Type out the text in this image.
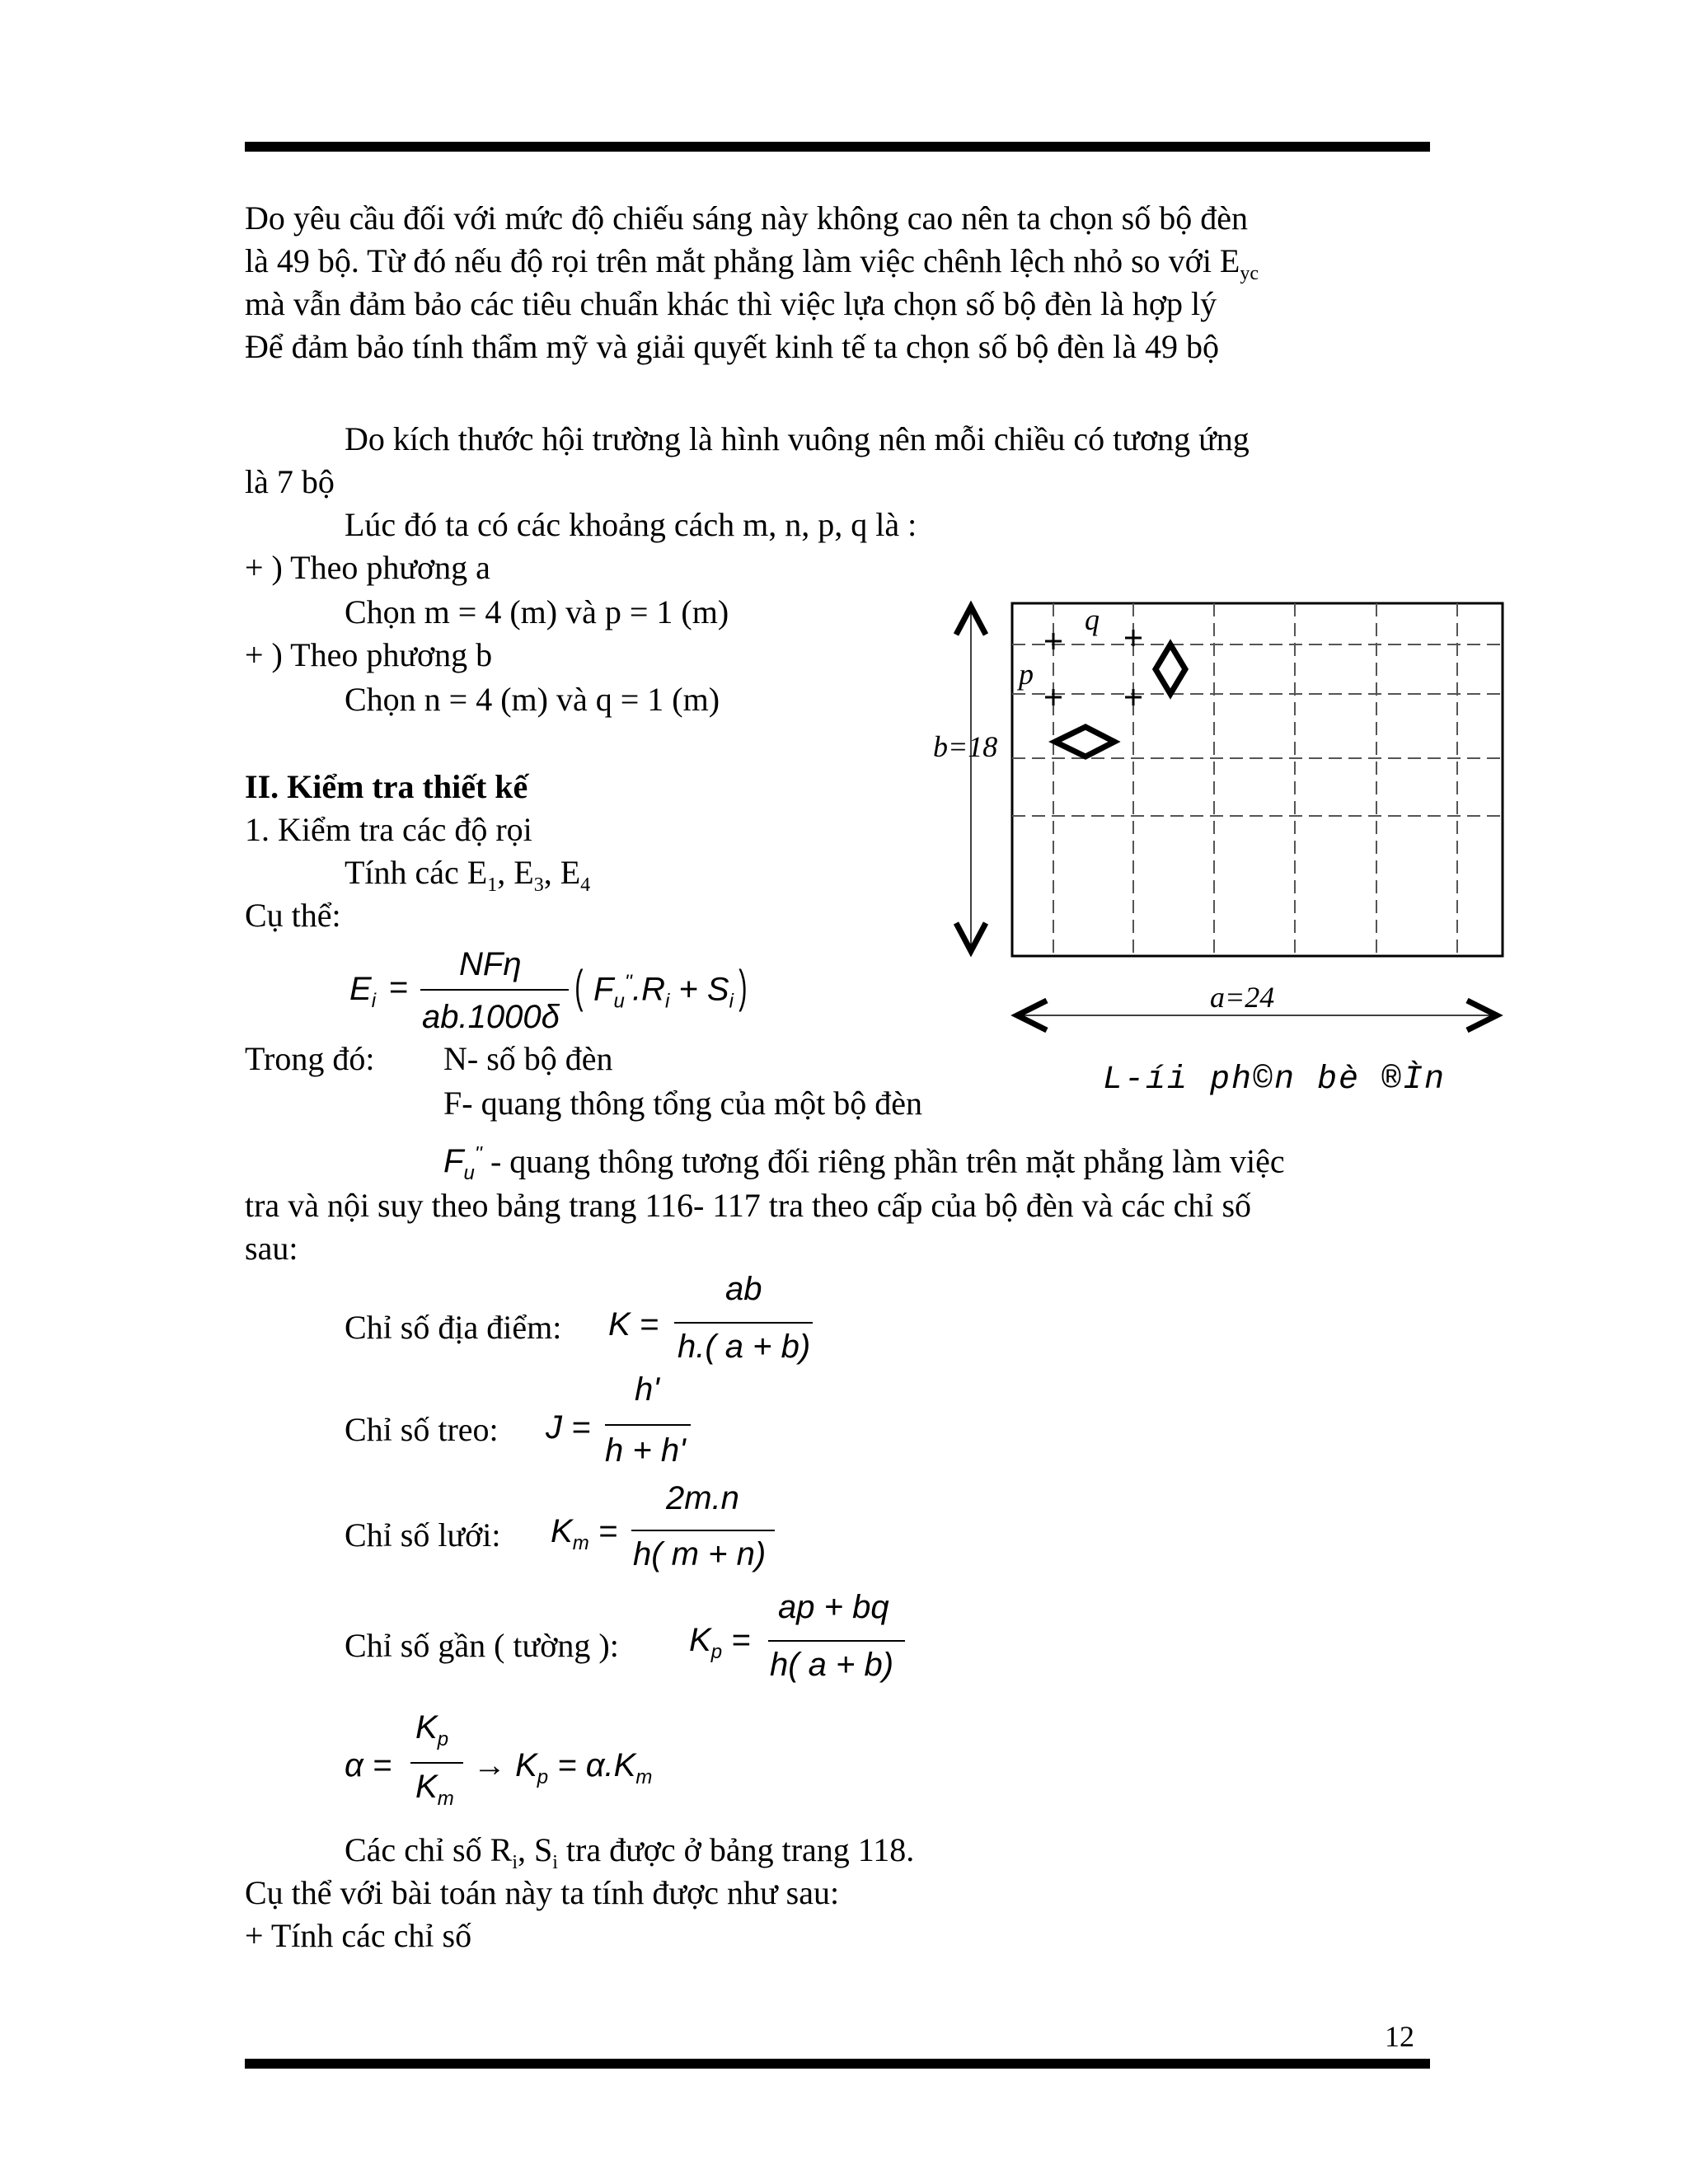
Do yêu cầu đối với mức độ chiếu sáng này không cao nên ta chọn số bộ đèn
là 49 bộ. Từ đó nếu độ rọi trên mắt phẳng làm việc chênh lệch nhỏ so với $E_{yc}$
mà vẫn đảm bảo các tiêu chuẩn khác thì việc lựa chọn số bộ đèn là hợp lý
Để đảm bảo tính thẩm mỹ và giải quyết kinh tế ta chọn số bộ đèn là 49 bộ
Do kích thước hội trường là hình vuông nên mỗi chiều có tương ứng
là 7 bộ
Lúc đó ta có các khoảng cách m, n, p, q là :
+ ) Theo phương a
Chọn m = 4 (m) và p = 1 (m)
+ ) Theo phương b
Chọn n = 4 (m) và q = 1 (m)
II. Kiểm tra thiết kế
1. Kiểm tra các độ rọi
Tính các $E_1$, $E_3$, $E_4$
Cụ thể:
$E_i$ =
NFη
ab.1000δ
( $F_u''.R_i + S_i$ )
Trong đó: N- số bộ đèn
F- quang thông tổng của một bộ đèn
$F_u''$ - quang thông tương đối riêng phần trên mặt phẳng làm việc
tra và nội suy theo bảng trang 116- 117 tra theo cấp của bộ đèn và các chỉ số
sau:
Chỉ số địa điểm: K =
ab
h.( a + b)
Chỉ số treo: J =
h'
h + h'
Chỉ số lưới: $K_m$ =
2m.n
h( m + n)
Chỉ số gần ( tường ): $K_p$ =
ap + bq
h( a + b)
α =
$K_p$
$K_m$
→ $K_p = \alpha.K_m$
Các chỉ số $R_i$, $S_i$ tra được ở bảng trang 118.
Cụ thể với bài toán này ta tính được như sau:
+ Tính các chỉ số
q
p
b=18
a=24
L-íi ph©n bè ®Ìn
12
